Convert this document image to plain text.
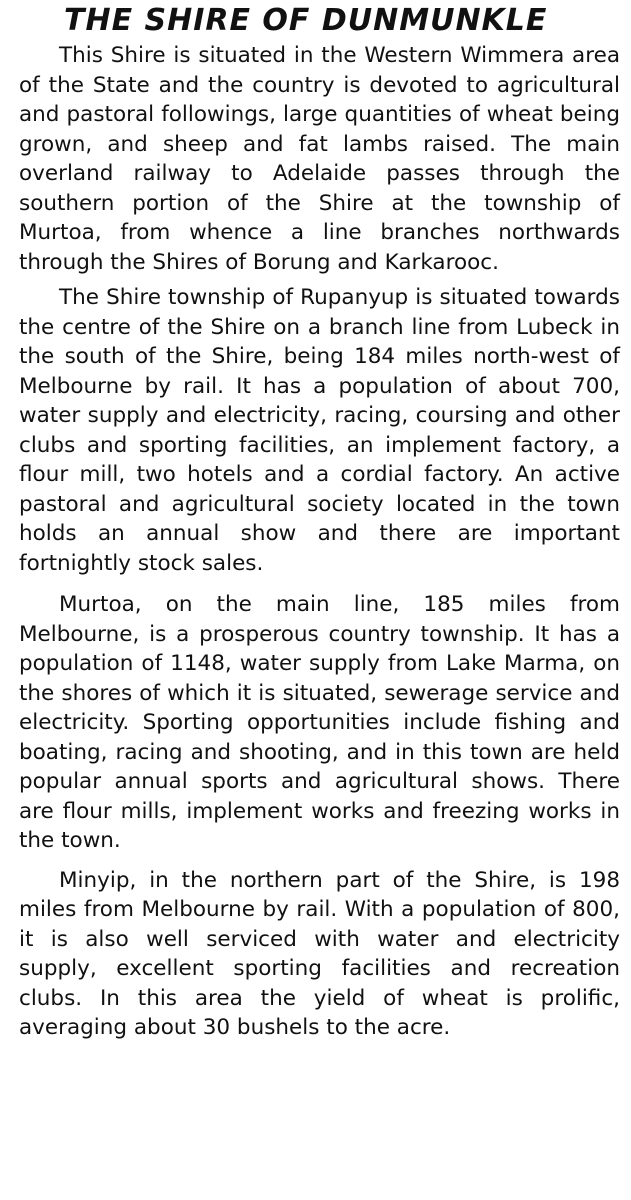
THE SHIRE OF DUNMUNKLE

This Shire is situated in the Western Wimmera area of the State and the country is devoted to agricultural and pastoral followings, large quantities of wheat being grown, and sheep and fat lambs raised. The main overland railway to Adelaide passes through the southern portion of the Shire at the township of Murtoa, from whence a line branches northwards through the Shires of Borung and Karkarooc.

The Shire township of Rupanyup is situated towards the centre of the Shire on a branch line from Lubeck in the south of the Shire, being 184 miles north-west of Melbourne by rail. It has a population of about 700, water supply and electricity, racing, coursing and other clubs and sporting facilities, an implement factory, a flour mill, two hotels and a cordial factory. An active pastoral and agricultural society located in the town holds an annual show and there are important fortnightly stock sales.

Murtoa, on the main line, 185 miles from Melbourne, is a prosperous country township. It has a population of 1148, water supply from Lake Marma, on the shores of which it is situated, sewerage service and electricity. Sporting opportunities include fishing and boating, racing and shooting, and in this town are held popular annual sports and agricultural shows. There are flour mills, implement works and freezing works in the town.

Minyip, in the northern part of the Shire, is 198 miles from Melbourne by rail. With a population of 800, it is also well serviced with water and electricity supply, excellent sporting facilities and recreation clubs. In this area the yield of wheat is prolific, averaging about 30 bushels to the acre.
